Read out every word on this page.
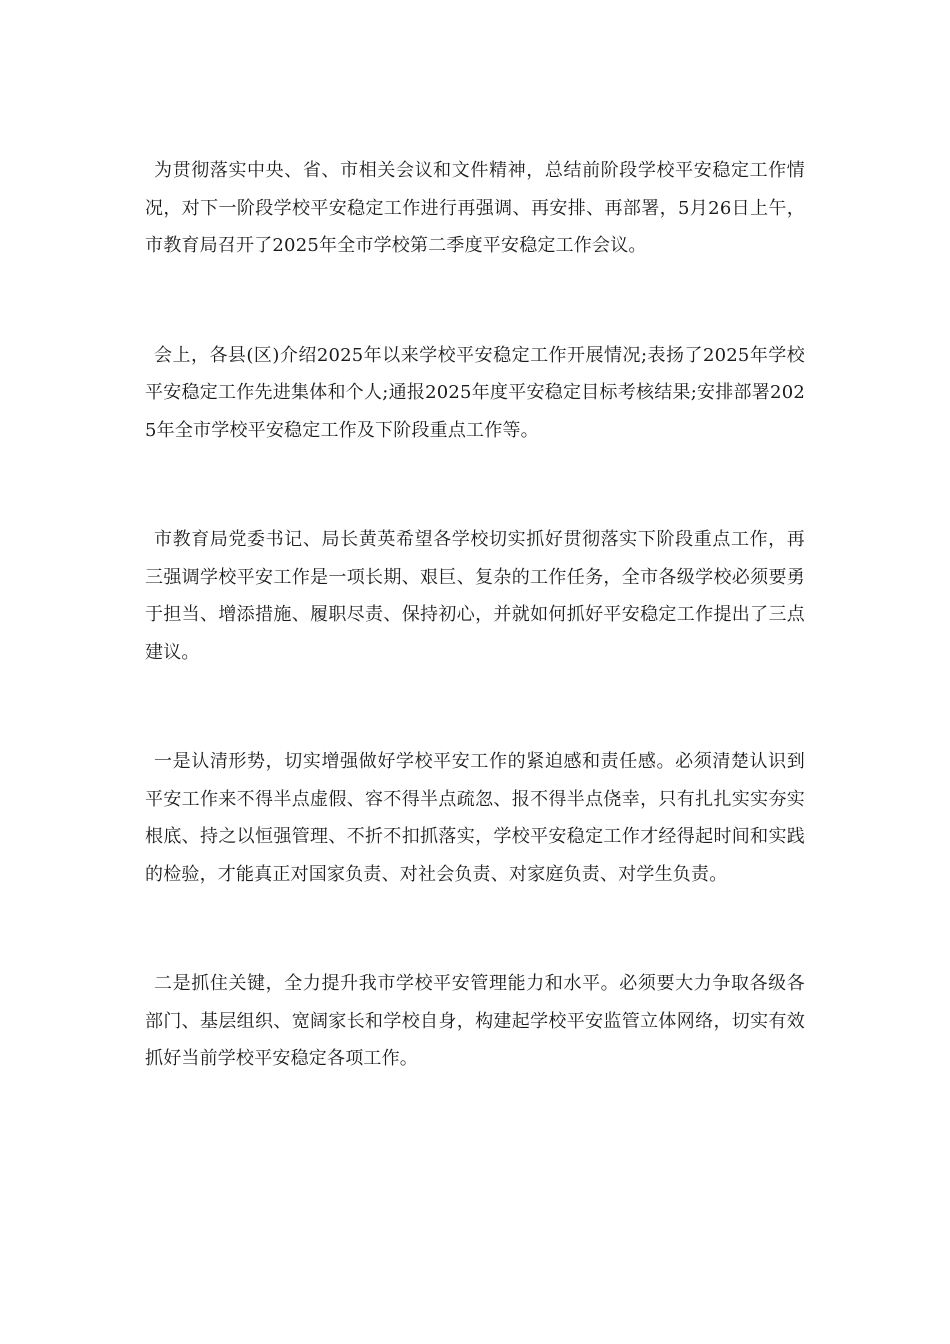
为贯彻落实中央、省、市相关会议和文件精神，总结前阶段学校平安稳定工作情况，对下一阶段学校平安稳定工作进行再强调、再安排、再部署，5月26日上午，市教育局召开了2025年全市学校第二季度平安稳定工作会议。

会上，各县(区)介绍2025年以来学校平安稳定工作开展情况;表扬了2025年学校平安稳定工作先进集体和个人;通报2025年度平安稳定目标考核结果;安排部署2025年全市学校平安稳定工作及下阶段重点工作等。

市教育局党委书记、局长黄英希望各学校切实抓好贯彻落实下阶段重点工作，再三强调学校平安工作是一项长期、艰巨、复杂的工作任务，全市各级学校必须要勇于担当、增添措施、履职尽责、保持初心，并就如何抓好平安稳定工作提出了三点建议。

一是认清形势，切实增强做好学校平安工作的紧迫感和责任感。必须清楚认识到平安工作来不得半点虚假、容不得半点疏忽、报不得半点侥幸，只有扎扎实实夯实根底、持之以恒强管理、不折不扣抓落实，学校平安稳定工作才经得起时间和实践的检验，才能真正对国家负责、对社会负责、对家庭负责、对学生负责。

二是抓住关键，全力提升我市学校平安管理能力和水平。必须要大力争取各级各部门、基层组织、宽阔家长和学校自身，构建起学校平安监管立体网络，切实有效抓好当前学校平安稳定各项工作。
